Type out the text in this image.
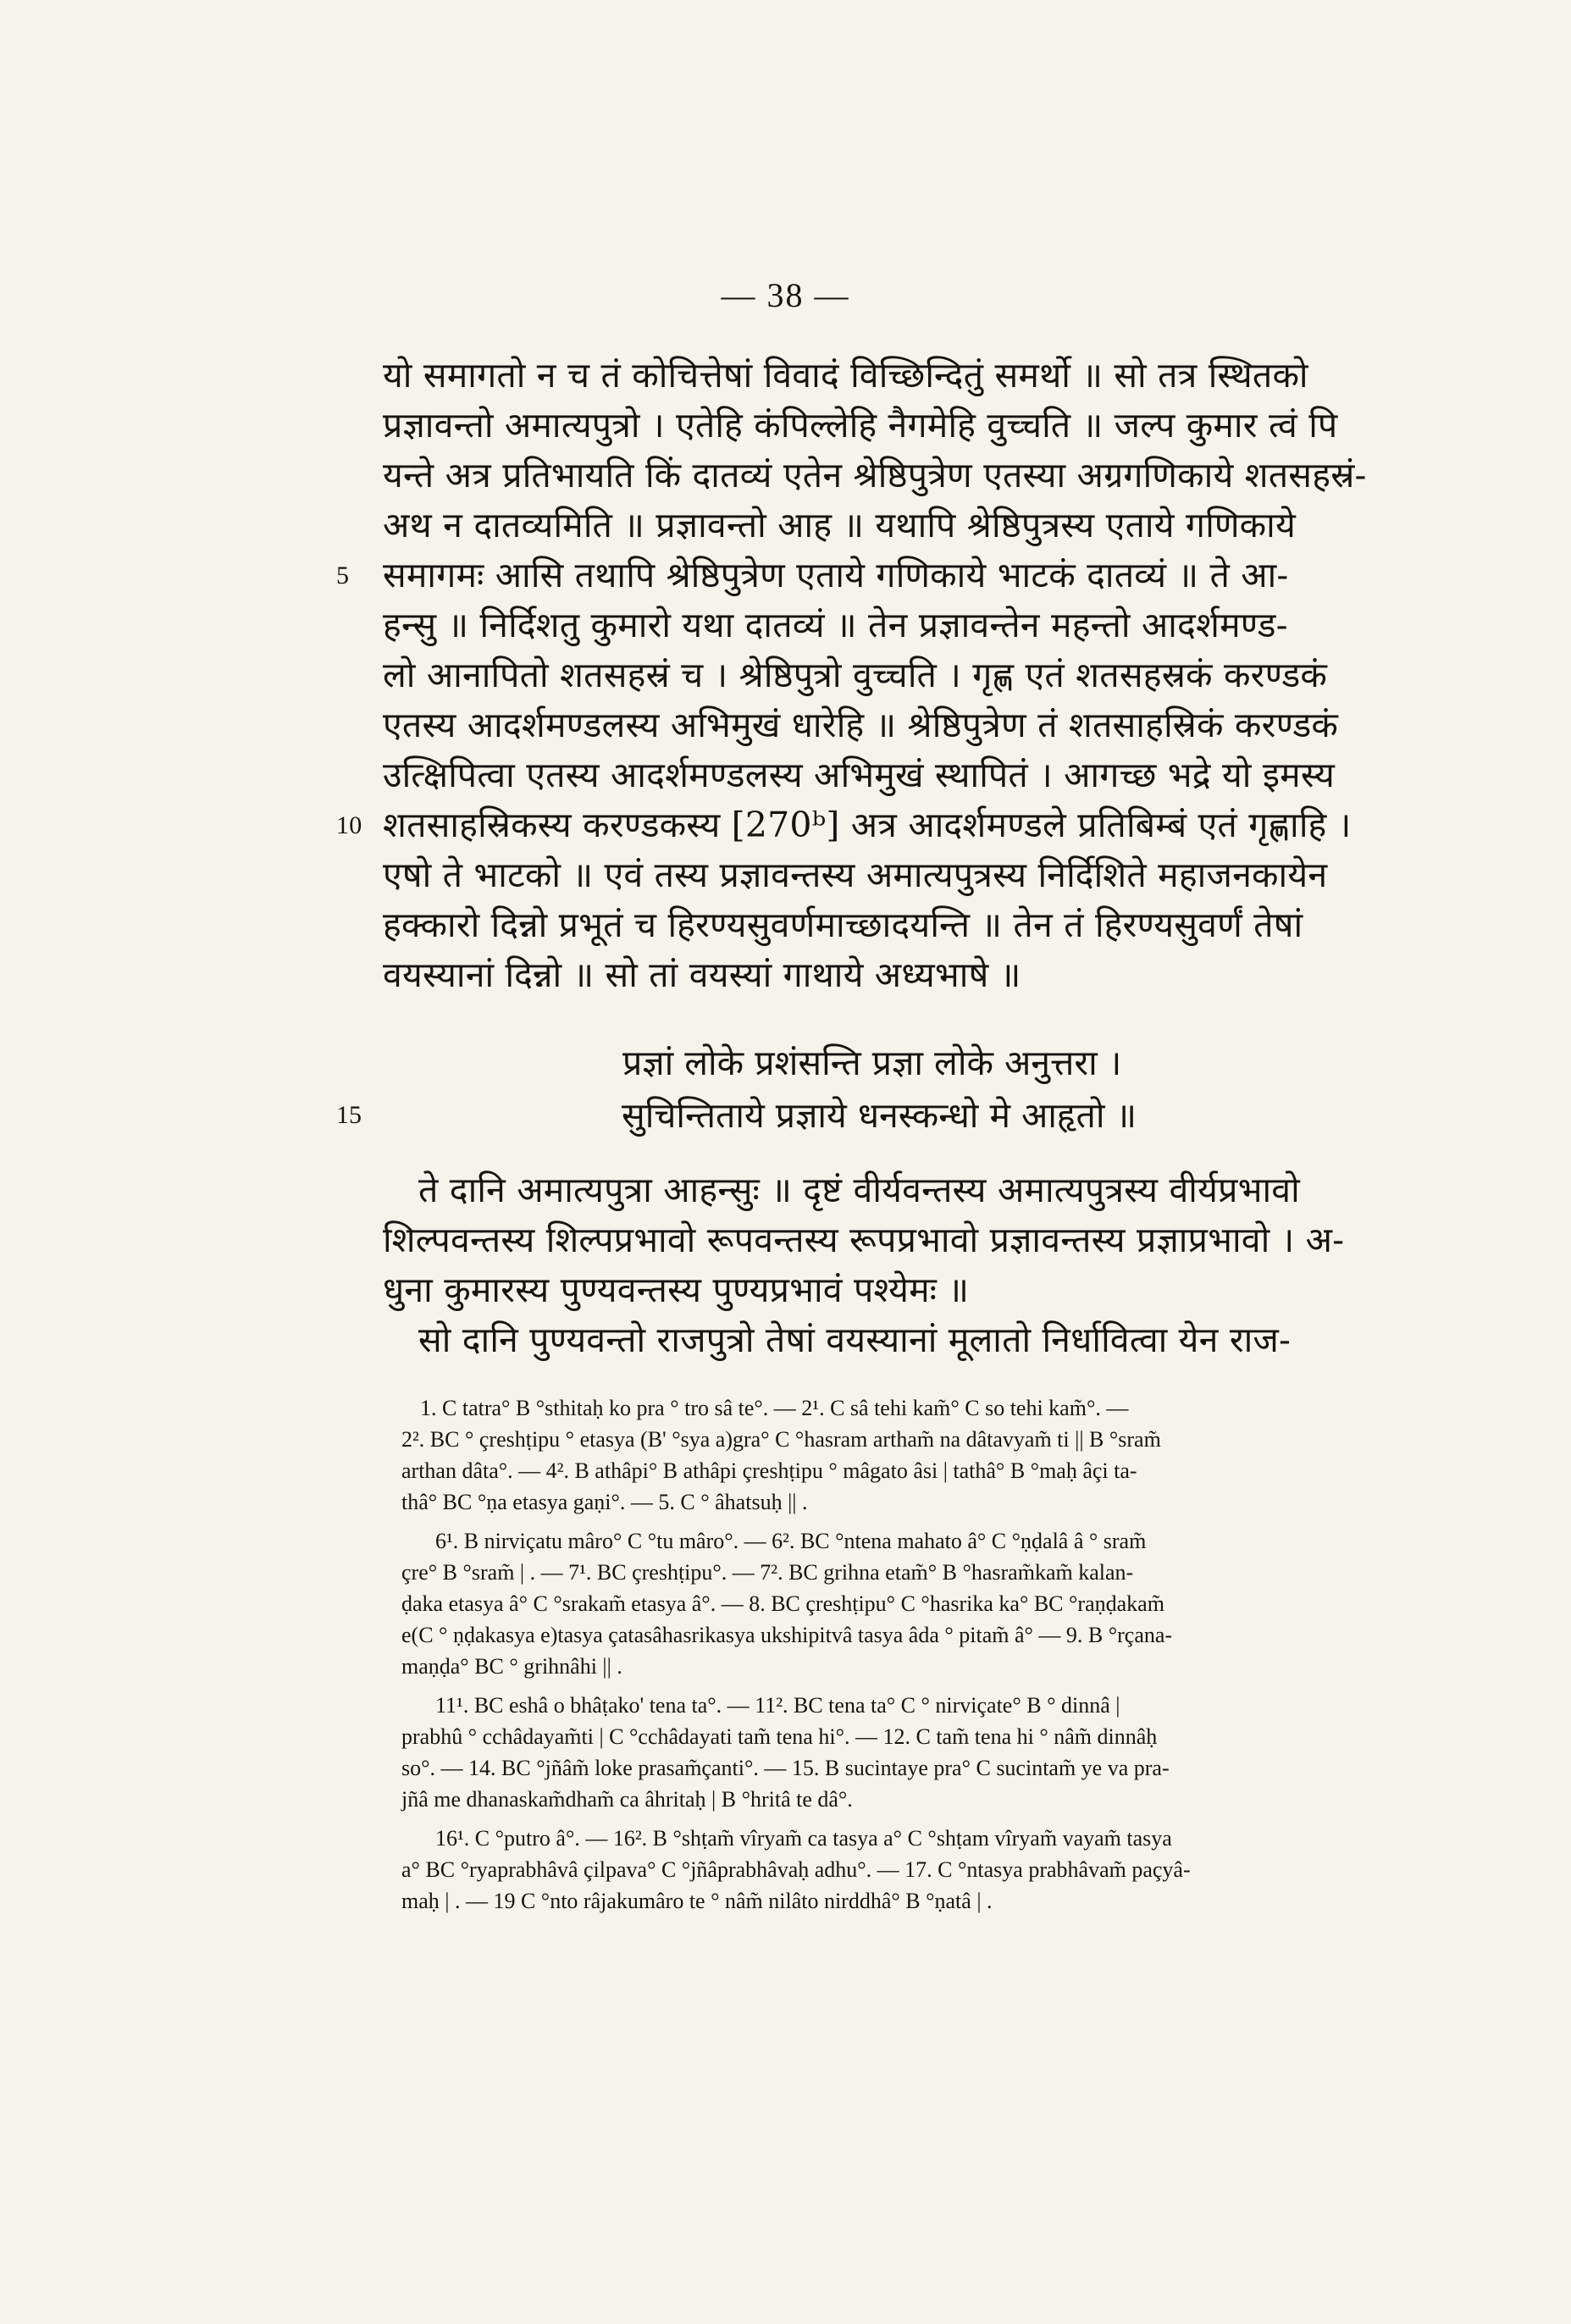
— 38 —
यो समागतो न च तं कोचित्तेषां विवादं विच्छिन्दितुं समर्थो ॥ सो तत्र स्थितको
प्रज्ञावन्तो अमात्यपुत्रो । एतेहि कंपिल्लेहि नैगमेहि वुच्चति ॥ जल्प कुमार त्वं पि
यन्ते अत्र प्रतिभायति किं दातव्यं एतेन श्रेष्ठिपुत्रेण एतस्या अग्रगणिकाये शतसहस्रं-
अथ न दातव्यमिति ॥ प्रज्ञावन्तो आह ॥ यथापि श्रेष्ठिपुत्रस्य एताये गणिकाये
5 समागमः आसि तथापि श्रेष्ठिपुत्रेण एताये गणिकाये भाटकं दातव्यं ॥ ते आ-
हन्सु ॥ निर्दिशतु कुमारो यथा दातव्यं ॥ तेन प्रज्ञावन्तेन महन्तो आदर्शमण्ड-
लो आनापितो शतसहस्रं च । श्रेष्ठिपुत्रो वुच्चति । गृह्ण एतं शतसहस्रकं करण्डकं
एतस्य आदर्शमण्डलस्य अभिमुखं धारेहि ॥ श्रेष्ठिपुत्रेण तं शतसाहस्रिकं करण्डकं
उत्क्षिपित्वा एतस्य आदर्शमण्डलस्य अभिमुखं स्थापितं । आगच्छ भद्रे यो इमस्य
10 शतसाहस्रिकस्य करण्डकस्य [270ᵇ] अत्र आदर्शमण्डले प्रतिबिम्बं एतं गृह्णाहि ।
एषो ते भाटको ॥ एवं तस्य प्रज्ञावन्तस्य अमात्यपुत्रस्य निर्दिशिते महाजनकायेन
हक्कारो दिन्नो प्रभूतं च हिरण्यसुवर्णमाच्छादयन्ति ॥ तेन तं हिरण्यसुवर्णं तेषां
वयस्यानां दिन्नो ॥ सो तां वयस्यां गाथाये अध्यभाषे ॥
प्रज्ञां लोके प्रशंसन्ति प्रज्ञा लोके अनुत्तरा ।
15	सुचिन्तिताये प्रज्ञाये धनस्कन्धो मे आहृतो ॥
ते दानि अमात्यपुत्रा आहन्सुः ॥ दृष्टं वीर्यवन्तस्य अमात्यपुत्रस्य वीर्यप्रभावो
शिल्पवन्तस्य शिल्पप्रभावो रूपवन्तस्य रूपप्रभावो प्रज्ञावन्तस्य प्रज्ञाप्रभावो । अ-
धुना कुमारस्य पुण्यवन्तस्य पुण्यप्रभावं पश्येमः ॥
सो दानि पुण्यवन्तो राजपुत्रो तेषां वयस्यानां मूलातो निर्धावित्वा येन राज-
1. C tatra° B °sthitaḥ ko pra ° tro sâ te°. — 2¹. C sâ tehi kam̃° C so tehi kam̃°. —
2². BC ° çreshṭipu ° etasya (B' °sya a)gra° C °hasram artham̃ na dâtavyam̃ ti || B °sram̃
arthan dâta°. — 4². B athâpi° B athâpi çreshṭipu ° mâgato âsi | tathâ° B °maḥ âçi ta-
thâ° BC °ṇa etasya gaṇi°. — 5. C ° âhatsuḥ || .
6¹. B nirviçatu mâro° C °tu mâro°. — 6². BC °ntena mahato â° C °ṇḍalâ â ° sram̃
çre° B °sram̃ | . — 7¹. BC çreshṭipu°. — 7². BC grihna etam̃° B °hasram̃kam̃ kalan-
ḍaka etasya â° C °srakam̃ etasya â°. — 8. BC çreshṭipu° C °hasrika ka° BC °raṇḍakam̃
e(C ° ṇḍakasya e)tasya çatasâhasrikasya ukshipitvâ tasya âda ° pitam̃ â° — 9. B °rçana-
maṇḍa° BC ° grihnâhi || .
11¹. BC eshâ o bhâṭako' tena ta°. — 11². BC tena ta° C ° nirviçate° B ° dinnâ |
prabhû ° cchâdayam̃ti | C °cchâdayati tam̃ tena hi°. — 12. C tam̃ tena hi ° nâm̃ dinnâḥ
so°. — 14. BC °jñâm̃ loke prasam̃çanti°. — 15. B sucintaye pra° C sucintam̃ ye va pra-
jñâ me dhanaskam̃dham̃ ca âhritaḥ | B °hritâ te dâ°.
16¹. C °putro â°. — 16². B °shṭam̃ vîryam̃ ca tasya a° C °shṭam vîryam̃ vayam̃ tasya
a° BC °ryaprabhâvâ çilpava° C °jñâprabhâvaḥ adhu°. — 17. C °ntasya prabhâvam̃ paçyâ-
maḥ | . — 19 C °nto râjakumâro te ° nâm̃ nilâto nirddhâ° B °ṇatâ | .
